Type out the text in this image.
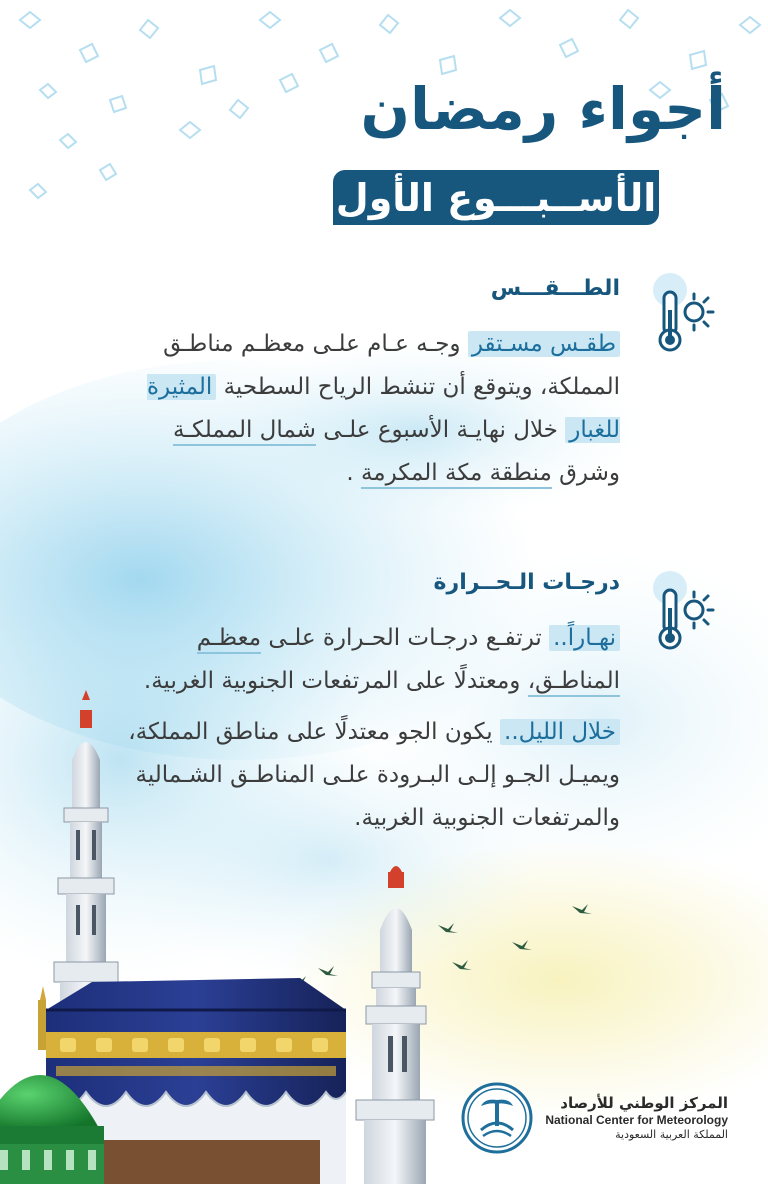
أجواء رمضان
الأســبـــوع الأول
الطـــقـــس

طقـس مسـتقر وجـه عـام علـى معظـم مناطـق المملكة، ويتوقع أن تنشط الرياح السطحية المثيرة للغبار خلال نهايـة الأسبوع علـى شمال المملكـة وشرق منطقة مكة المكرمة .

درجـات الـحــرارة

نهـاراً.. ترتفـع درجـات الحـرارة علـى معظـم المناطـق، ومعتدلًا على المرتفعات الجنوبية الغربية.

خلال الليل.. يكون الجو معتدلًا على مناطق المملكة، ويميـل الجـو إلـى البـرودة علـى المناطـق الشـمالية والمرتفعات الجنوبية الغربية.

المركز الوطني للأرصاد
National Center for Meteorology
المملكة العربية السعودية
